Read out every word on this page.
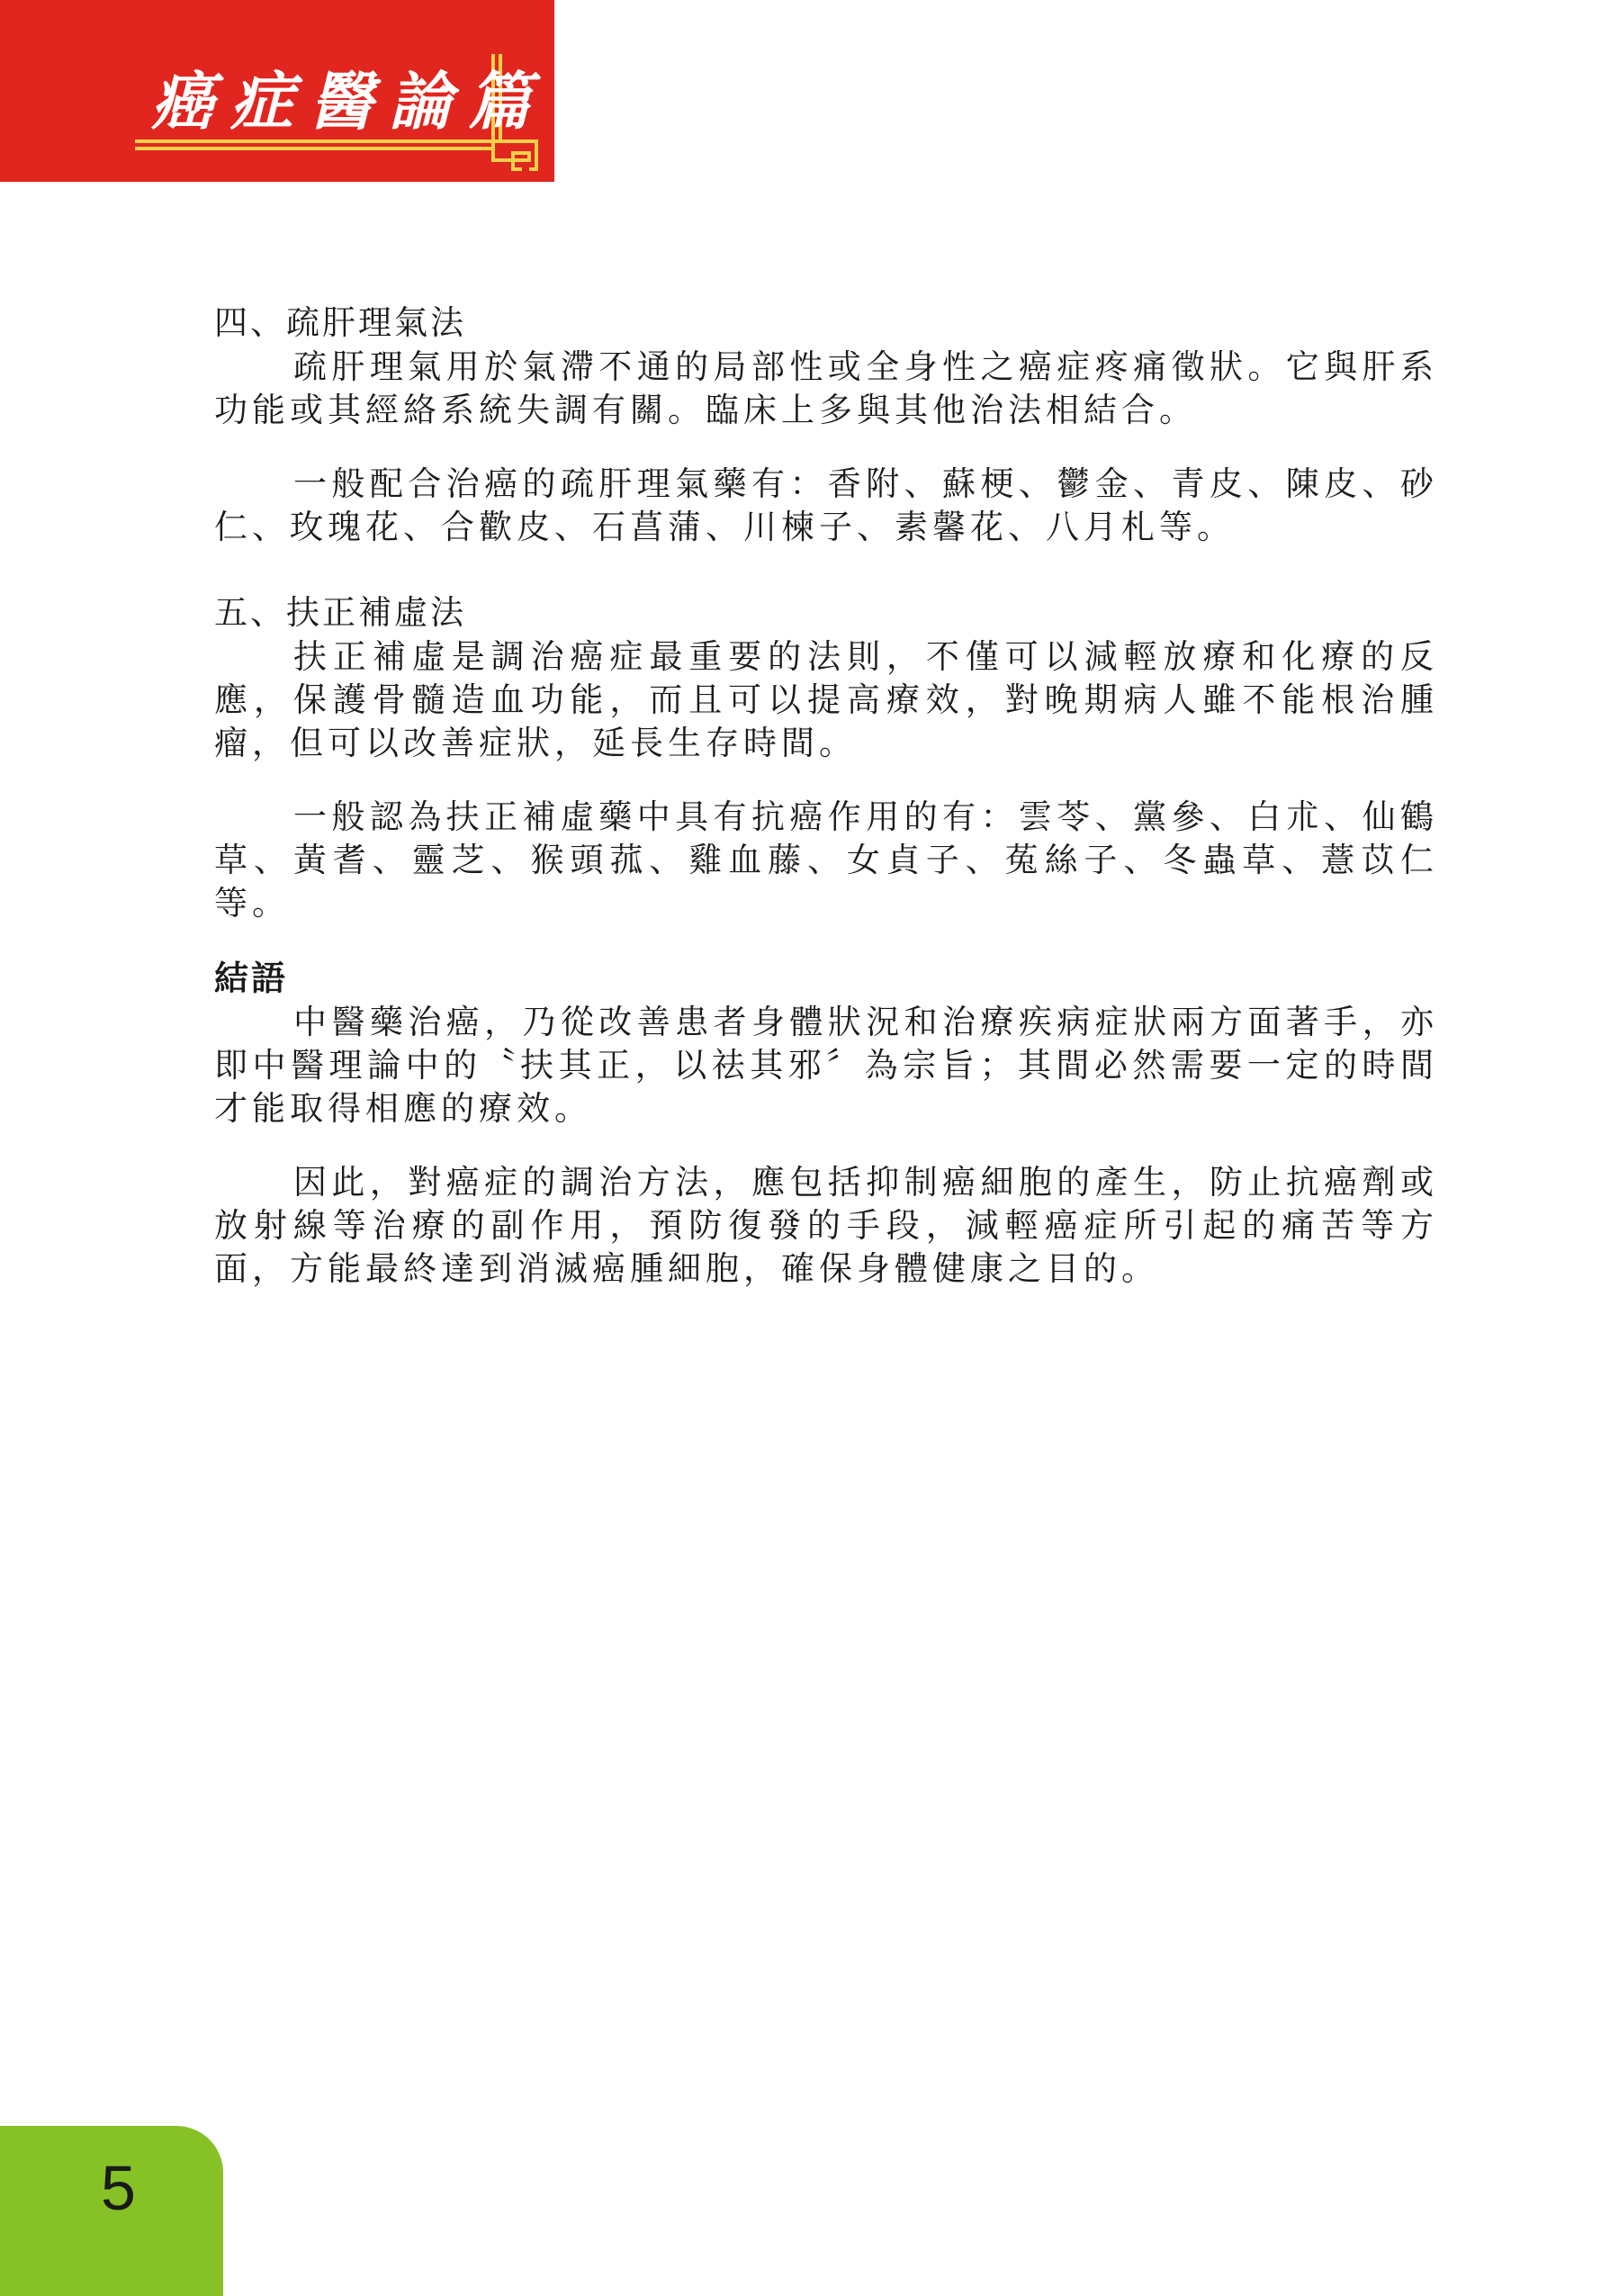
癌症醫論篇
四、疏肝理氣法

疏肝理氣用於氣滯不通的局部性或全身性之癌症疼痛徵狀。它與肝系功能或其經絡系統失調有關。臨床上多與其他治法相結合。

一般配合治癌的疏肝理氣藥有：香附、蘇梗、鬱金、青皮、陳皮、砂仁、玫瑰花、合歡皮、石菖蒲、川楝子、素馨花、八月札等。

五、扶正補虛法

扶正補虛是調治癌症最重要的法則，不僅可以減輕放療和化療的反應，保護骨髓造血功能，而且可以提高療效，對晚期病人雖不能根治腫瘤，但可以改善症狀，延長生存時間。

一般認為扶正補虛藥中具有抗癌作用的有：雲苓、黨參、白朮、仙鶴草、黃耆、靈芝、猴頭菰、雞血藤、女貞子、菟絲子、冬蟲草、薏苡仁等。

結語

中醫藥治癌，乃從改善患者身體狀況和治療疾病症狀兩方面著手，亦即中醫理論中的〝扶其正，以祛其邪〞為宗旨；其間必然需要一定的時間才能取得相應的療效。

因此，對癌症的調治方法，應包括抑制癌細胞的產生，防止抗癌劑或放射線等治療的副作用，預防復發的手段，減輕癌症所引起的痛苦等方面，方能最終達到消滅癌腫細胞，確保身體健康之目的。

5
